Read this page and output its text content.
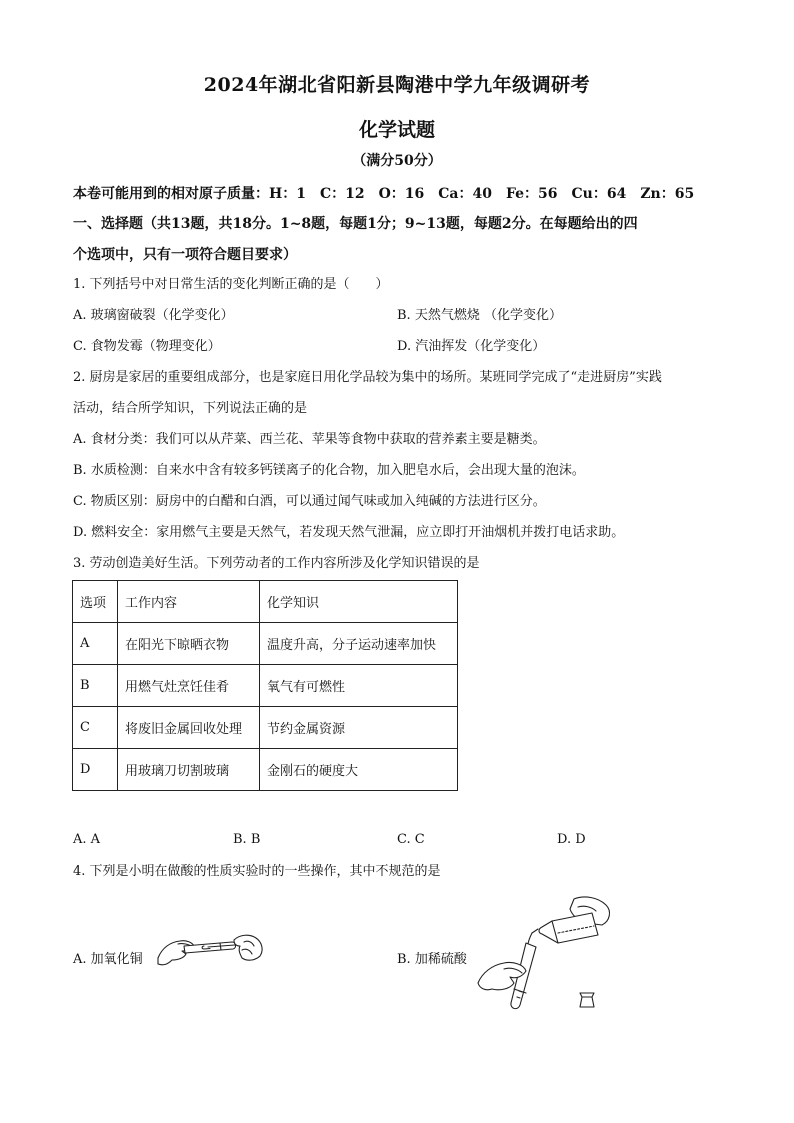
2024年湖北省阳新县陶港中学九年级调研考
化学试题
（满分50分）
本卷可能用到的相对原子质量：H：1　C：12　O：16　Ca：40　Fe：56　Cu：64　Zn：65
一、选择题（共13题，共18分。1~8题，每题1分；9~13题，每题2分。在每题给出的四
个选项中，只有一项符合题目要求）
1. 下列括号中对日常生活的变化判断正确的是（　　）
A. 玻璃窗破裂（化学变化）	B. 天然气燃烧 （化学变化）
C. 食物发霉（物理变化）	D. 汽油挥发（化学变化）
2. 厨房是家居的重要组成部分，也是家庭日用化学品较为集中的场所。某班同学完成了“走进厨房”实践
活动，结合所学知识，下列说法正确的是
A. 食材分类：我们可以从芹菜、西兰花、苹果等食物中获取的营养素主要是糖类。
B. 水质检测：自来水中含有较多钙镁离子的化合物，加入肥皂水后，会出现大量的泡沫。
C. 物质区别：厨房中的白醋和白酒，可以通过闻气味或加入纯碱的方法进行区分。
D. 燃料安全：家用燃气主要是天然气，若发现天然气泄漏，应立即打开油烟机并拨打电话求助。
3. 劳动创造美好生活。下列劳动者的工作内容所涉及化学知识错误的是
选项	工作内容	化学知识
A	在阳光下晾晒衣物	温度升高，分子运动速率加快
B	用燃气灶烹饪佳肴	氧气有可燃性
C	将废旧金属回收处理	节约金属资源
D	用玻璃刀切割玻璃	金刚石的硬度大
A. A	B. B	C. C	D. D
4. 下列是小明在做酸的性质实验时的一些操作，其中不规范的是
A. 加氧化铜	B. 加稀硫酸
